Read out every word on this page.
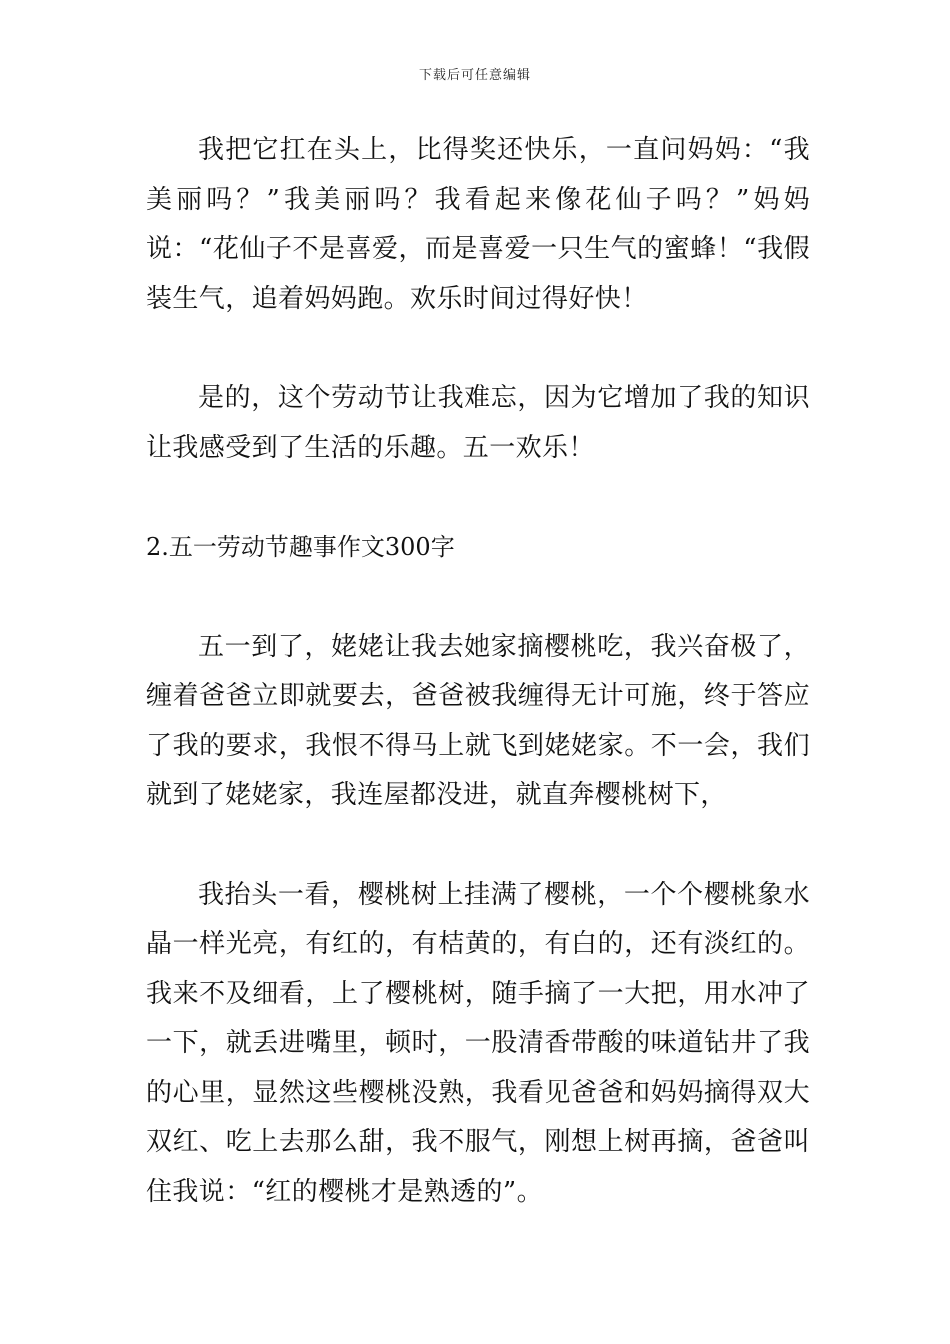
下载后可任意编辑

我把它扛在头上，比得奖还快乐，一直问妈妈：“我美丽吗？”我美丽吗？我看起来像花仙子吗？”妈妈说：“花仙子不是喜爱，而是喜爱一只生气的蜜蜂！“我假装生气，追着妈妈跑。欢乐时间过得好快！

是的，这个劳动节让我难忘，因为它增加了我的知识让我感受到了生活的乐趣。五一欢乐！

2.五一劳动节趣事作文300字

五一到了，姥姥让我去她家摘樱桃吃，我兴奋极了，缠着爸爸立即就要去，爸爸被我缠得无计可施，终于答应了我的要求，我恨不得马上就飞到姥姥家。不一会，我们就到了姥姥家，我连屋都没进，就直奔樱桃树下，

我抬头一看，樱桃树上挂满了樱桃，一个个樱桃象水晶一样光亮，有红的，有桔黄的，有白的，还有淡红的。我来不及细看，上了樱桃树，随手摘了一大把，用水冲了一下，就丢进嘴里，顿时，一股清香带酸的味道钻井了我的心里，显然这些樱桃没熟，我看见爸爸和妈妈摘得双大双红、吃上去那么甜，我不服气，刚想上树再摘，爸爸叫住我说：“红的樱桃才是熟透的”。
